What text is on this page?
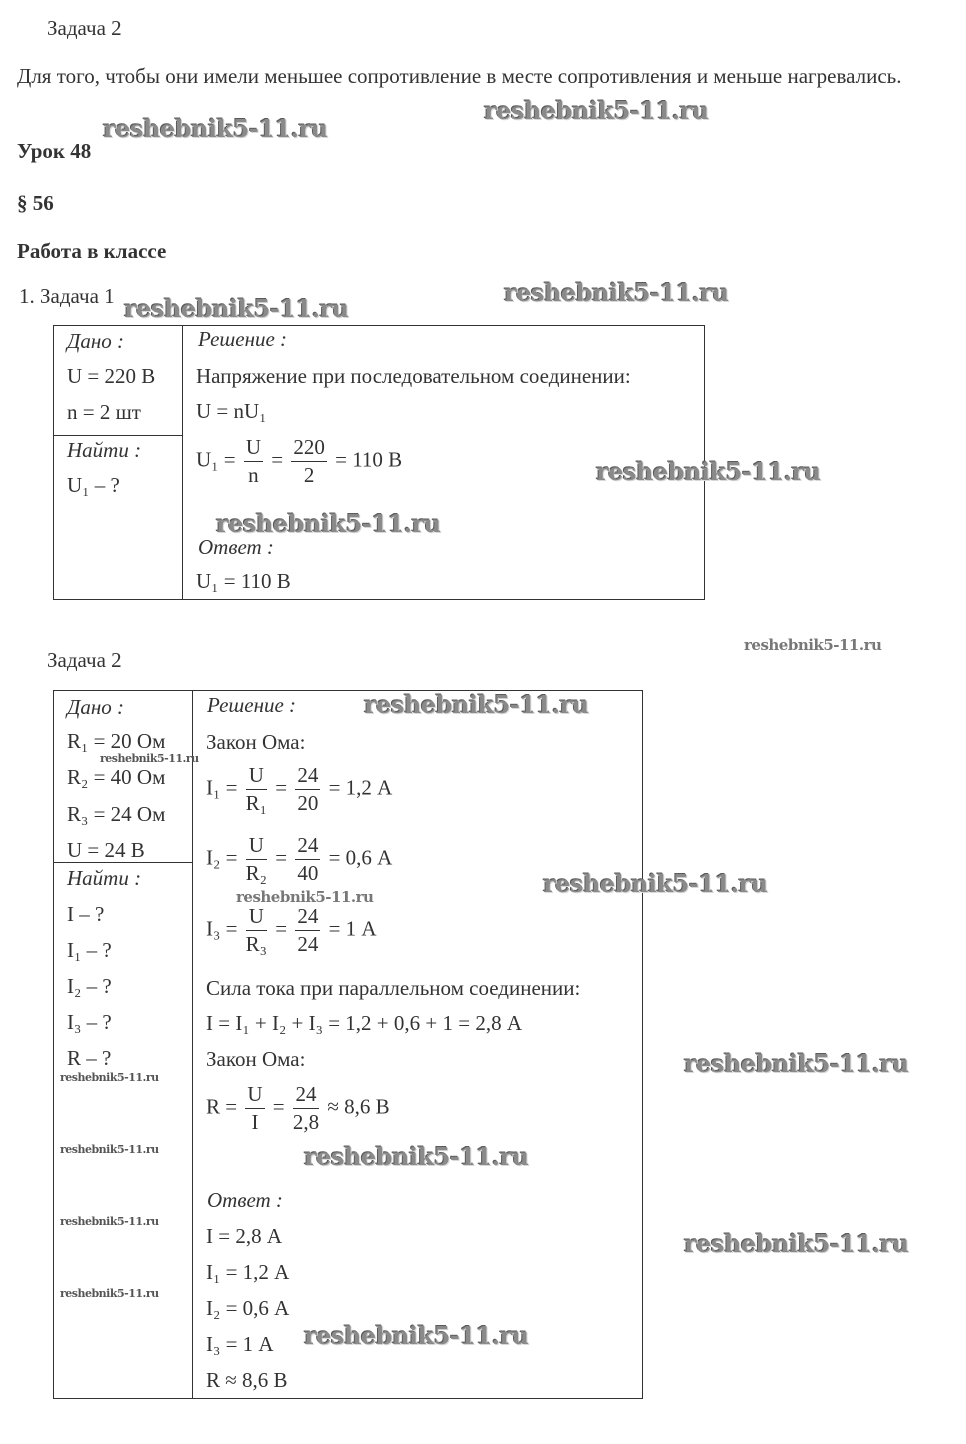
Задача 2
Для того, чтобы они имели меньшее сопротивление в месте сопротивления и меньше нагревались.
Урок 48
§ 56
Работа в классе
1. Задача 1
Дано :
U = 220 В
n = 2 шт
Найти :
U₁ – ?
Решение :
Напряжение при последовательном соединении:
U = nU₁
$U_1 = \frac{U}{n} = \frac{220}{2} = 110$ В
Ответ :
U₁ = 110 В
Задача 2
Дано :
R₁ = 20 Ом
R₂ = 40 Ом
R₃ = 24 Ом
U = 24 В
Найти :
I – ?
I₁ – ?
I₂ – ?
I₃ – ?
R – ?
Решение :
Закон Ома:
$I_1 = \frac{U}{\text{R₁}} = \frac{24}{20} = 1,2$ А
$I_2 = \frac{U}{\text{R₂}} = \frac{24}{40} = 0,6$ А
$I_3 = \frac{U}{\text{R₃}} = \frac{24}{24} = 1$ А
Сила тока при параллельном соединении:
I = I₁ + I₂ + I₃ = 1,2 + 0,6 + 1 = 2,8 А
Закон Ома:
$R = \frac{U}{I} = \frac{24}{2,8} \approx 8,6$ В
Ответ :
I = 2,8 А
I₁ = 1,2 А
I₂ = 0,6 А
I₃ = 1 А
R ≈ 8,6 В
reshebnik5-11.ru
reshebnik5-11.ru
reshebnik5-11.ru
reshebnik5-11.ru
reshebnik5-11.ru
reshebnik5-11.ru
reshebnik5-11.ru
reshebnik5-11.ru
reshebnik5-11.ru
reshebnik5-11.ru
reshebnik5-11.ru
reshebnik5-11.ru
reshebnik5-11.ru
reshebnik5-11.ru
reshebnik5-11.ru
reshebnik5-11.ru
reshebnik5-11.ru
reshebnik5-11.ru
reshebnik5-11.ru
